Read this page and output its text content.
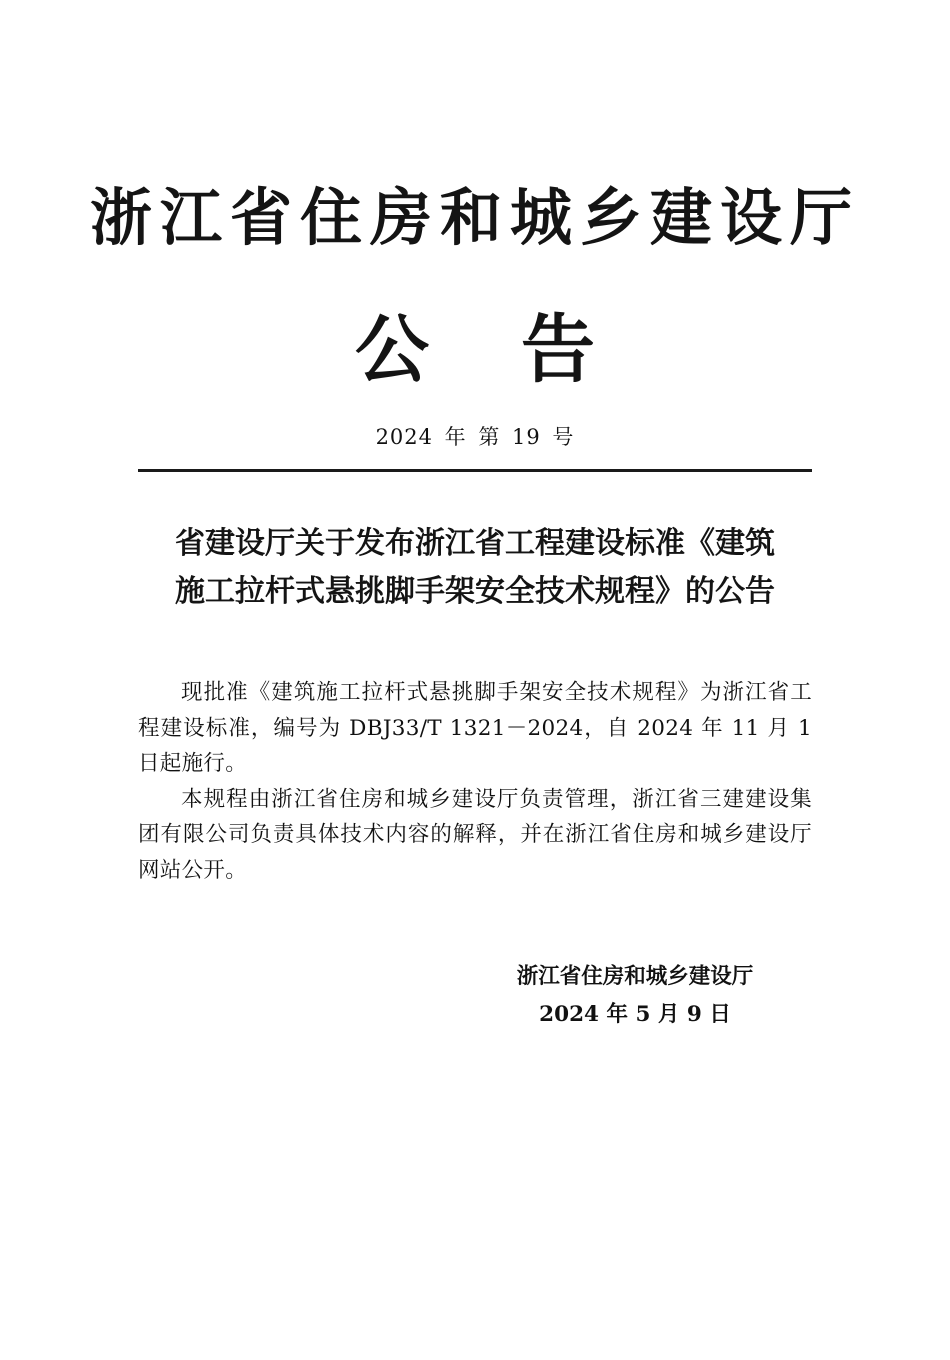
浙江省住房和城乡建设厅
公告
2024 年 第 19 号
省建设厅关于发布浙江省工程建设标准《建筑
施工拉杆式悬挑脚手架安全技术规程》的公告

现批准《建筑施工拉杆式悬挑脚手架安全技术规程》为浙江省工程建设标准，编号为 DBJ33/T 1321－2024，自 2024 年 11 月 1 日起施行。

本规程由浙江省住房和城乡建设厅负责管理，浙江省三建建设集团有限公司负责具体技术内容的解释，并在浙江省住房和城乡建设厅网站公开。

浙江省住房和城乡建设厅
2024 年 5 月 9 日
